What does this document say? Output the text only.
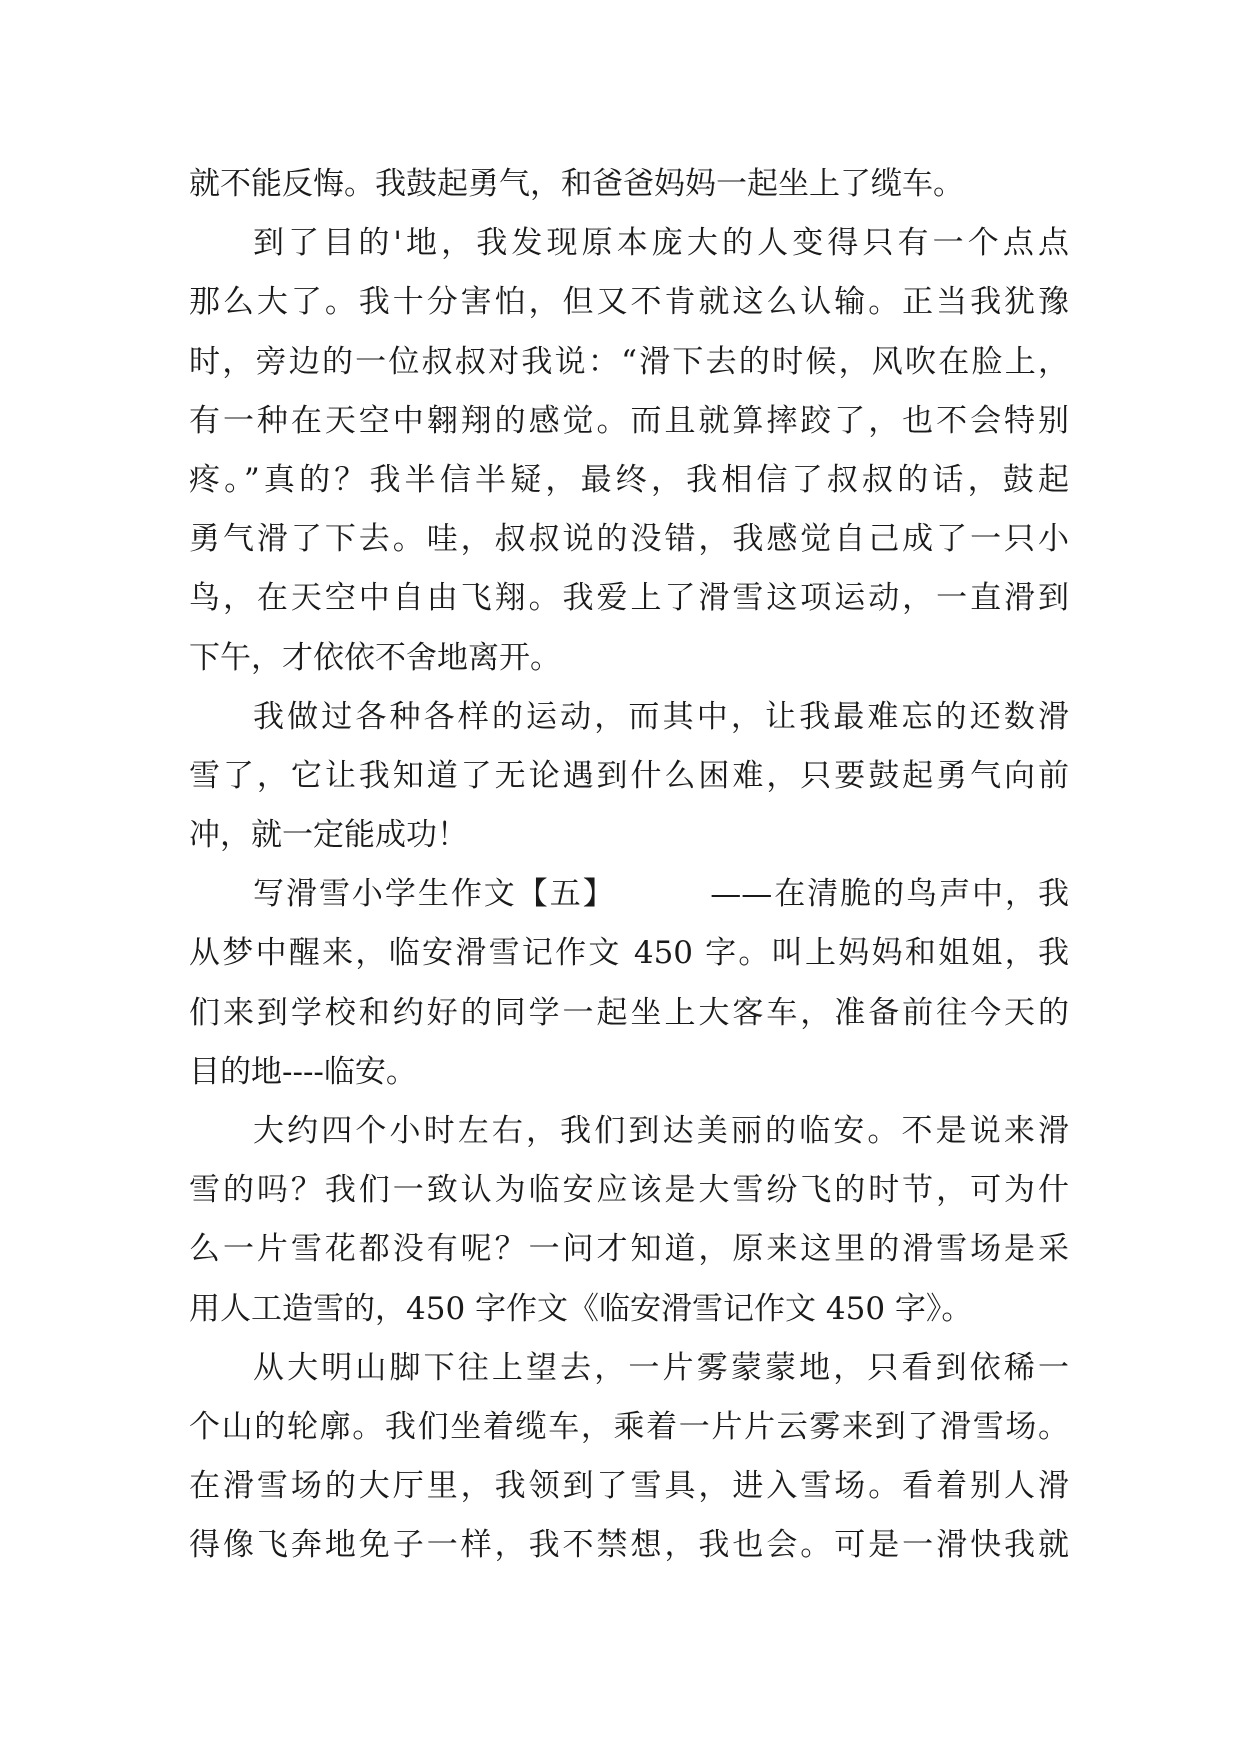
就不能反悔。我鼓起勇气，和爸爸妈妈一起坐上了缆车。
到了目的'地，我发现原本庞大的人变得只有一个点点
那么大了。我十分害怕，但又不肯就这么认输。正当我犹豫
时，旁边的一位叔叔对我说：“滑下去的时候，风吹在脸上，
有一种在天空中翱翔的感觉。而且就算摔跤了，也不会特别
疼。”真的？我半信半疑，最终，我相信了叔叔的话，鼓起
勇气滑了下去。哇，叔叔说的没错，我感觉自己成了一只小
鸟，在天空中自由飞翔。我爱上了滑雪这项运动，一直滑到
下午，才依依不舍地离开。
我做过各种各样的运动，而其中，让我最难忘的还数滑
雪了，它让我知道了无论遇到什么困难，只要鼓起勇气向前
冲，就一定能成功！
写滑雪小学生作文【五】        ——在清脆的鸟声中，我
从梦中醒来，临安滑雪记作文 450 字。叫上妈妈和姐姐，我
们来到学校和约好的同学一起坐上大客车，准备前往今天的
目的地----临安。
大约四个小时左右，我们到达美丽的临安。不是说来滑
雪的吗？我们一致认为临安应该是大雪纷飞的时节，可为什
么一片雪花都没有呢？一问才知道，原来这里的滑雪场是采
用人工造雪的，450 字作文《临安滑雪记作文 450 字》。
从大明山脚下往上望去，一片雾蒙蒙地，只看到依稀一
个山的轮廓。我们坐着缆车，乘着一片片云雾来到了滑雪场。
在滑雪场的大厅里，我领到了雪具，进入雪场。看着别人滑
得像飞奔地免子一样，我不禁想，我也会。可是一滑快我就
